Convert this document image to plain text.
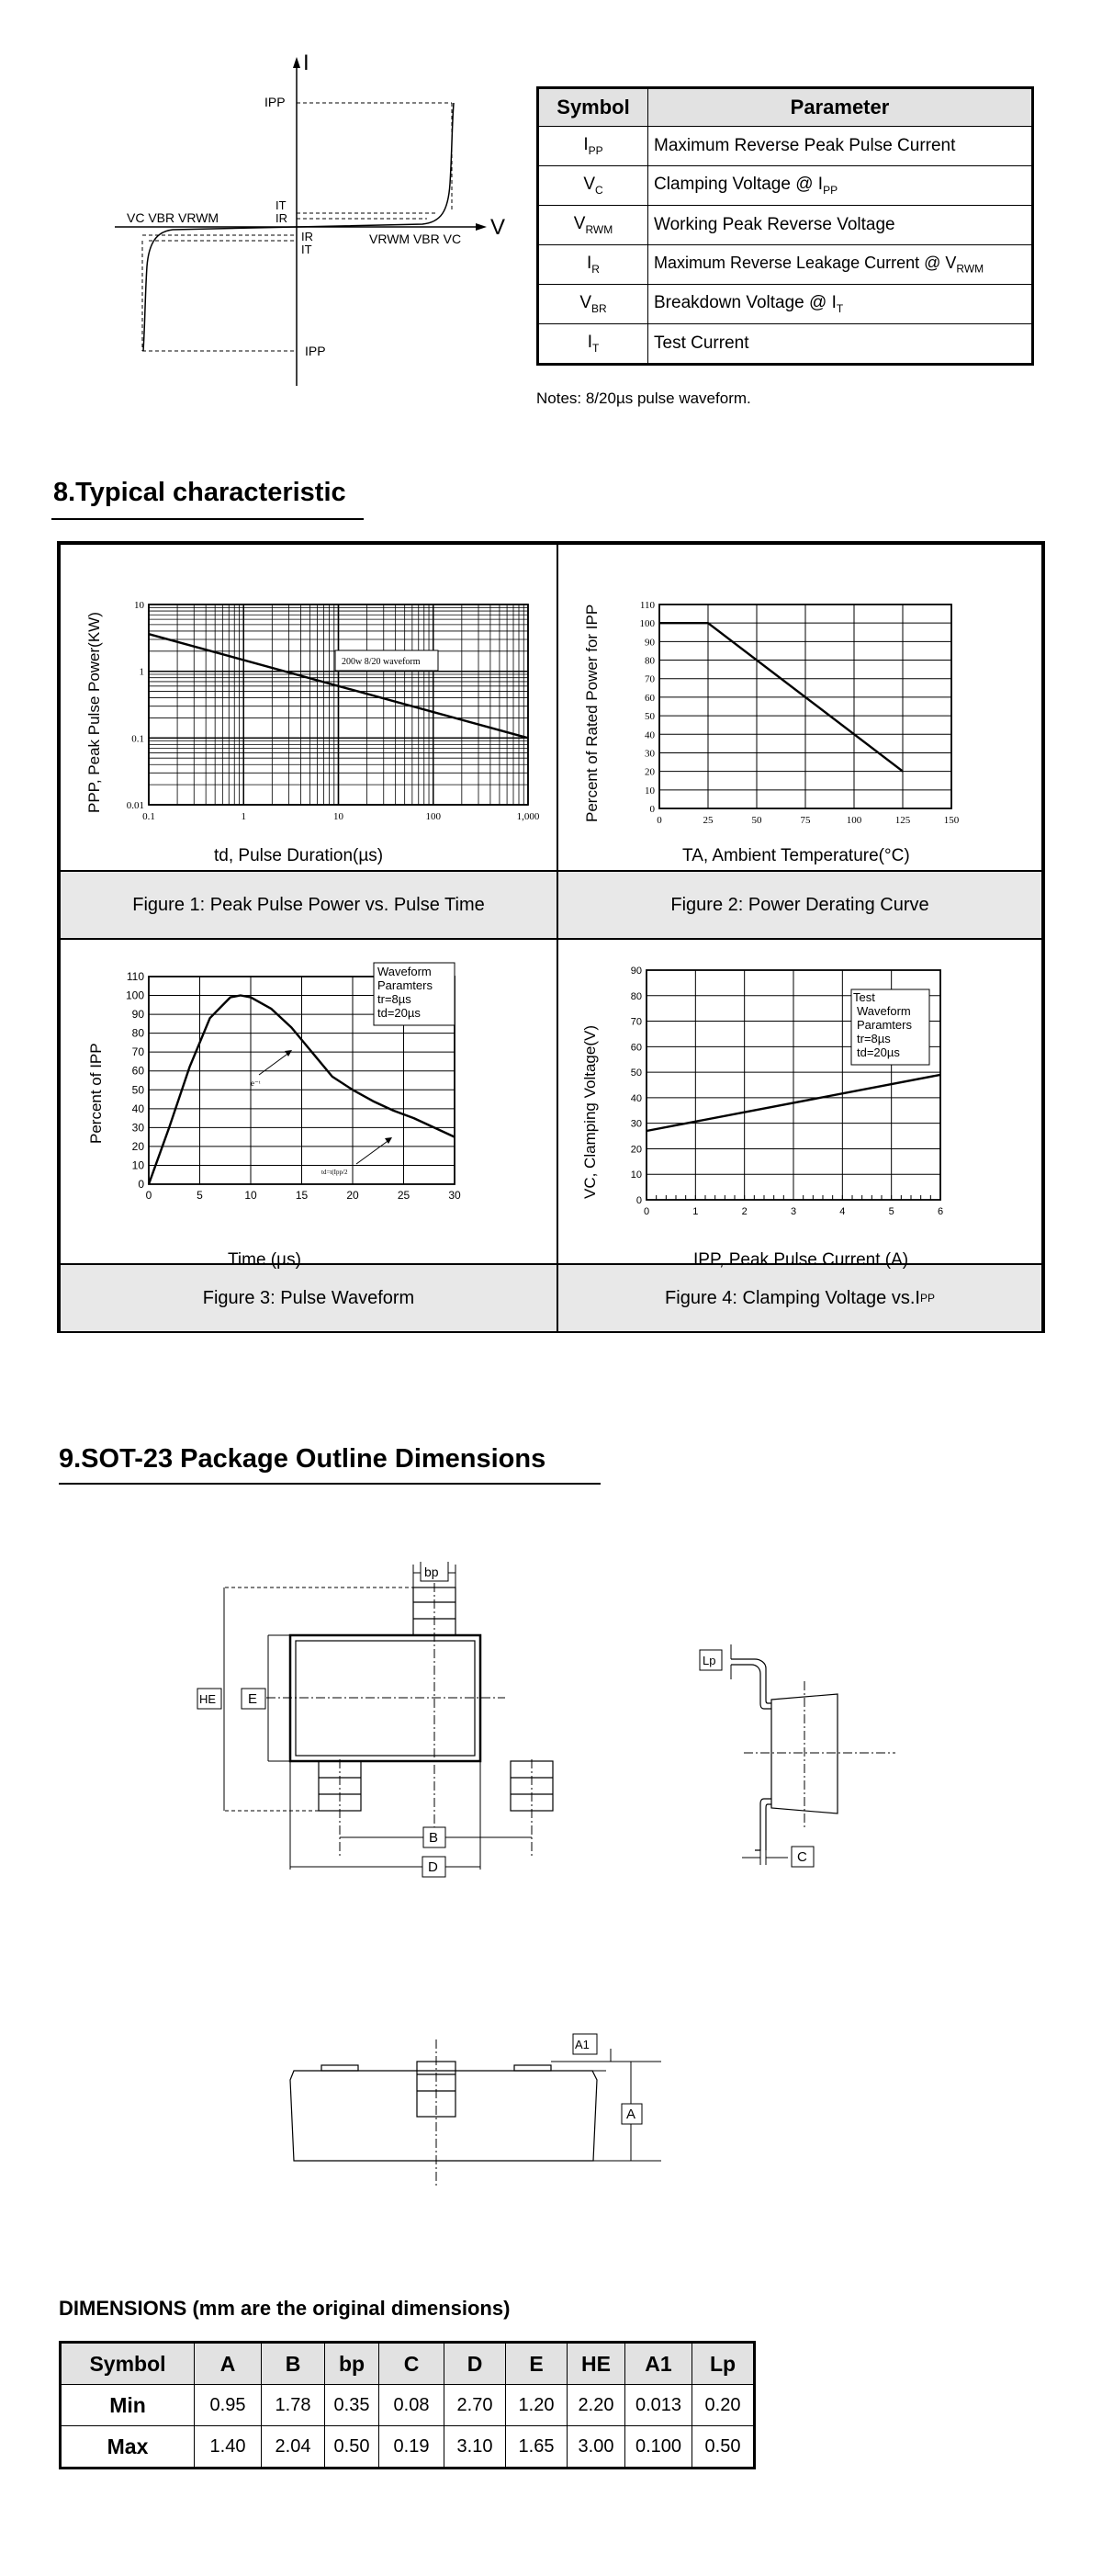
I
V
IPP
IT
IR
IR
IT
IPP
VC VBR VRWM
VRWM VBR VC
Symbol	Parameter
$I_{PP}$	Maximum Reverse Peak Pulse Current
$V_C$	Clamping Voltage @ $I_{PP}$
$V_{RWM}$	Working Peak Reverse Voltage
$I_R$	Maximum Reverse Leakage Current @ $V_{RWM}$
$V_{BR}$	Breakdown Voltage @ $I_T$
$I_T$	Test Current
Notes: 8/20µs pulse waveform.
8.Typical characteristic
Figure 1: Peak Pulse Power vs. Pulse Time	Figure 2: Power Derating Curve
Figure 3: Pulse Waveform	Figure 4: Clamping Voltage vs.I PP
0.1	1	10	100	1,000
10
1
0.1
0.01
PPP, Peak Pulse Power(KW)
td, Pulse Duration(µs)
200w 8/20 waveform
0	25	50	75	100	125	150
0
10
20
30
40
50
60
70
80
90
100
110
Percent of Rated Power for IPP
TA, Ambient Temperature(°C)
0	5	10	15	20	25	30
0
10
20
30
40
50
60
70
80
90
100
110
Percent of IPP
Time (µs)
Waveform
Paramters
tr=8µs
td=20µs
e⁻ᵗ
td=t(Ipp/2
0	1	2	3	4	5	6
0
10
20
30
40
50
60
70
80
90
VC, Clamping Voltage(V)
IPP, Peak Pulse Current (A)
Test
Waveform
Paramters
tr=8µs
td=20µs
9.SOT-23 Package Outline Dimensions
bp
HE E
B
D
Lp
C
A1
A
DIMENSIONS (mm are the original dimensions)
Symbol	A	B	bp	C	D	E	HE	A1	Lp
Min	0.95	1.78	0.35	0.08	2.70	1.20	2.20	0.013	0.20
Max	1.40	2.04	0.50	0.19	3.10	1.65	3.00	0.100	0.50
